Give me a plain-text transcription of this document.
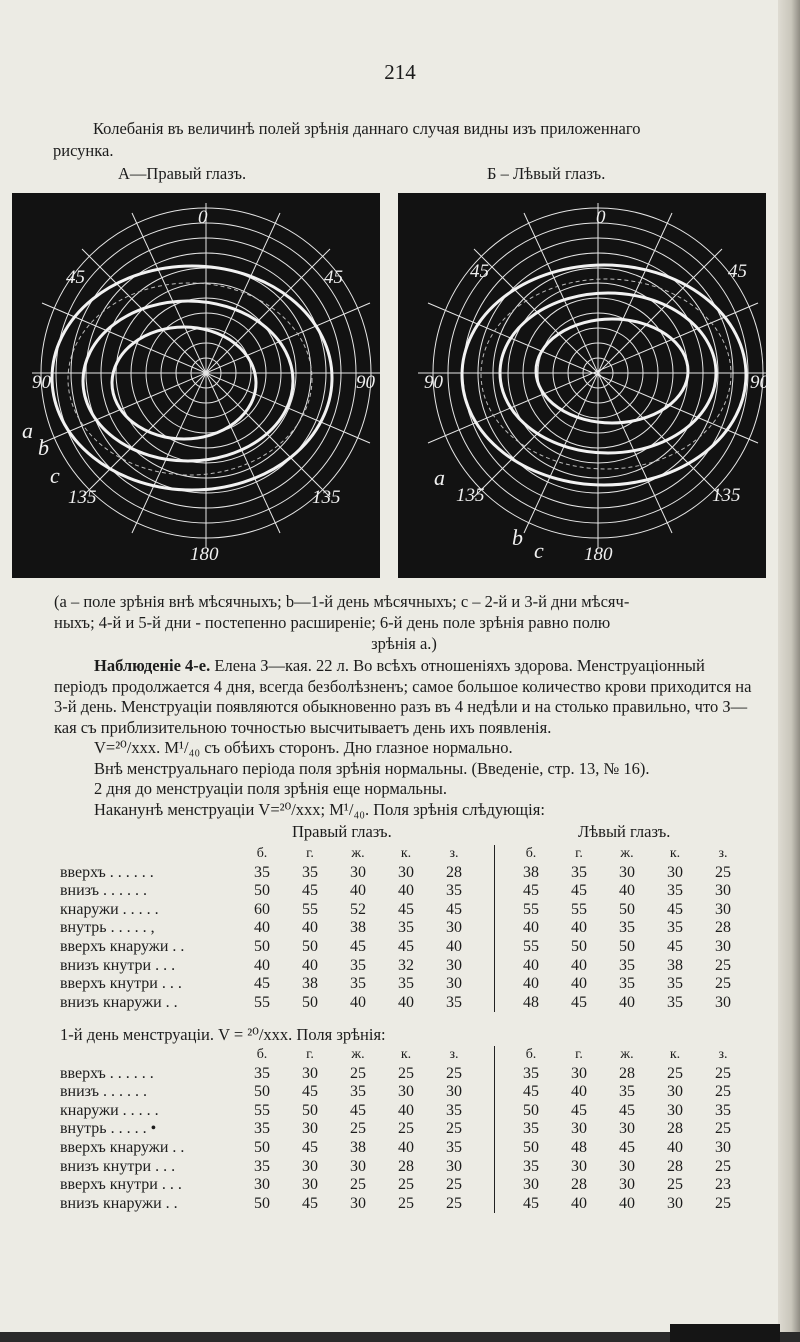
214
Колебанія въ величинѣ полей зрѣнія даннаго случая видны изъ приложеннаго
рисунка.
А—Правый глазъ.	Б – Лѣвый глазъ.
0
45	45
90	90
135	135
180
a
b
c
0
45	45
90	90
135	135
180
a
b
c
(a – поле зрѣнія внѣ мѣсячныхъ; b—1-й день мѣсячныхъ; c – 2-й и 3-й дни мѣсяч-
ныхъ; 4-й и 5-й дни - постепенно расширеніе; 6-й день поле зрѣнія равно полю
зрѣнія a.)

Наблюденіе 4-е. Елена З—кая. 22 л. Во всѣхъ отношеніяхъ здорова. Менструаціонный періодъ продолжается 4 дня, всегда безболѣзненъ; самое большое количество крови приходится на 3-й день. Менструаціи появляются обыкновенно разъ въ 4 недѣли и на столько правильно, что З—кая съ приблизительною точностью высчитываетъ день ихъ появленія.

V=²⁰/xxx. M¹/₄₀ съ обѣихъ сторонъ. Дно глазное нормально.

Внѣ менструальнаго періода поля зрѣнія нормальны. (Введеніе, стр. 13, № 16).

2 дня до менструаціи поля зрѣнія еще нормальны.

Наканунѣ менструаціи V=²⁰/xxx; M¹/₄₀. Поля зрѣнія слѣдующія:

Правый глазъ.	Лѣвый глазъ.
	б.	г.	ж.	к.	з.			б.	г.	ж.	к.	з.
вверхъ . . . . . .	35	35	30	30	28			38	35	30	30	25
внизъ . . . . . .	50	45	40	40	35			45	45	40	35	30
кнаружи . . . . .	60	55	52	45	45			55	55	50	45	30
внутрь . . . . . ,	40	40	38	35	30			40	40	35	35	28
вверхъ кнаружи . .	50	50	45	45	40			55	50	50	45	30
внизъ кнутри . . .	40	40	35	32	30			40	40	35	38	25
вверхъ кнутри . . .	45	38	35	35	30			40	40	35	35	25
внизъ кнаружи . .	55	50	40	40	35			48	45	40	35	30
1-й день менструаціи. V = ²⁰/xxx. Поля зрѣнія:
	б.	г.	ж.	к.	з.			б.	г.	ж.	к.	з.
вверхъ . . . . . .	35	30	25	25	25			35	30	28	25	25
внизъ . . . . . .	50	45	35	30	30			45	40	35	30	25
кнаружи . . . . .	55	50	45	40	35			50	45	45	30	35
внутрь . . . . . •	35	30	25	25	25			35	30	30	28	25
вверхъ кнаружи . .	50	45	38	40	35			50	48	45	40	30
внизъ кнутри . . .	35	30	30	28	30			35	30	30	28	25
вверхъ кнутри . . .	30	30	25	25	25			30	28	30	25	23
внизъ кнаружи . .	50	45	30	25	25			45	40	40	30	25
